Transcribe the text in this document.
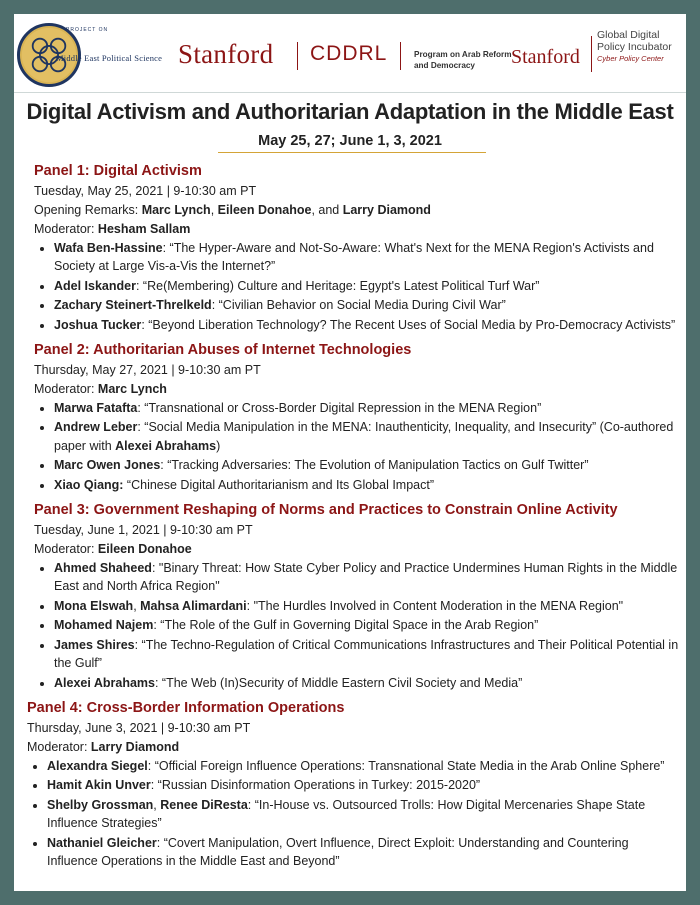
PROJECT ON
Middle East Political Science Stanford CDDRL	Program on Arab Reform and Democracy	Stanford
Global Digital
Policy Incubator
Cyber Policy Center
Digital Activism and Authoritarian Adaptation in the Middle East
May 25, 27; June 1, 3, 2021
Panel 1: Digital Activism
Tuesday, May 25, 2021 | 9-10:30 am PT
Opening Remarks: Marc Lynch, Eileen Donahoe, and Larry Diamond
Moderator: Hesham Sallam
• Wafa Ben-Hassine: “The Hyper-Aware and Not-So-Aware: What's Next for the MENA Region's Activists and Society at Large Vis-a-Vis the Internet?”
• Adel Iskander: “Re(Membering) Culture and Heritage: Egypt's Latest Political Turf War”
• Zachary Steinert-Threlkeld: “Civilian Behavior on Social Media During Civil War”
• Joshua Tucker: “Beyond Liberation Technology? The Recent Uses of Social Media by Pro-Democracy Activists”
Panel 2: Authoritarian Abuses of Internet Technologies
Thursday, May 27, 2021 | 9-10:30 am PT
Moderator: Marc Lynch
• Marwa Fatafta: “Transnational or Cross-Border Digital Repression in the MENA Region”
• Andrew Leber: “Social Media Manipulation in the MENA: Inauthenticity, Inequality, and Insecurity” (Co-authored paper with Alexei Abrahams)
• Marc Owen Jones: “Tracking Adversaries: The Evolution of Manipulation Tactics on Gulf Twitter”
• Xiao Qiang: “Chinese Digital Authoritarianism and Its Global Impact”
Panel 3: Government Reshaping of Norms and Practices to Constrain Online Activity
Tuesday, June 1, 2021 | 9-10:30 am PT
Moderator: Eileen Donahoe
• Ahmed Shaheed: "Binary Threat: How State Cyber Policy and Practice Undermines Human Rights in the Middle East and North Africa Region"
• Mona Elswah, Mahsa Alimardani: "The Hurdles Involved in Content Moderation in the MENA Region"
• Mohamed Najem: “The Role of the Gulf in Governing Digital Space in the Arab Region”
• James Shires: “The Techno-Regulation of Critical Communications Infrastructures and Their Political Potential in the Gulf”
• Alexei Abrahams: “The Web (In)Security of Middle Eastern Civil Society and Media”
Panel 4: Cross-Border Information Operations
Thursday, June 3, 2021 | 9-10:30 am PT
Moderator: Larry Diamond
• Alexandra Siegel: “Official Foreign Influence Operations: Transnational State Media in the Arab Online Sphere”
• Hamit Akin Unver: “Russian Disinformation Operations in Turkey: 2015-2020”
• Shelby Grossman, Renee DiResta: “In-House vs. Outsourced Trolls: How Digital Mercenaries Shape State Influence Strategies”
• Nathaniel Gleicher: “Covert Manipulation, Overt Influence, Direct Exploit: Understanding and Countering Influence Operations in the Middle East and Beyond”
